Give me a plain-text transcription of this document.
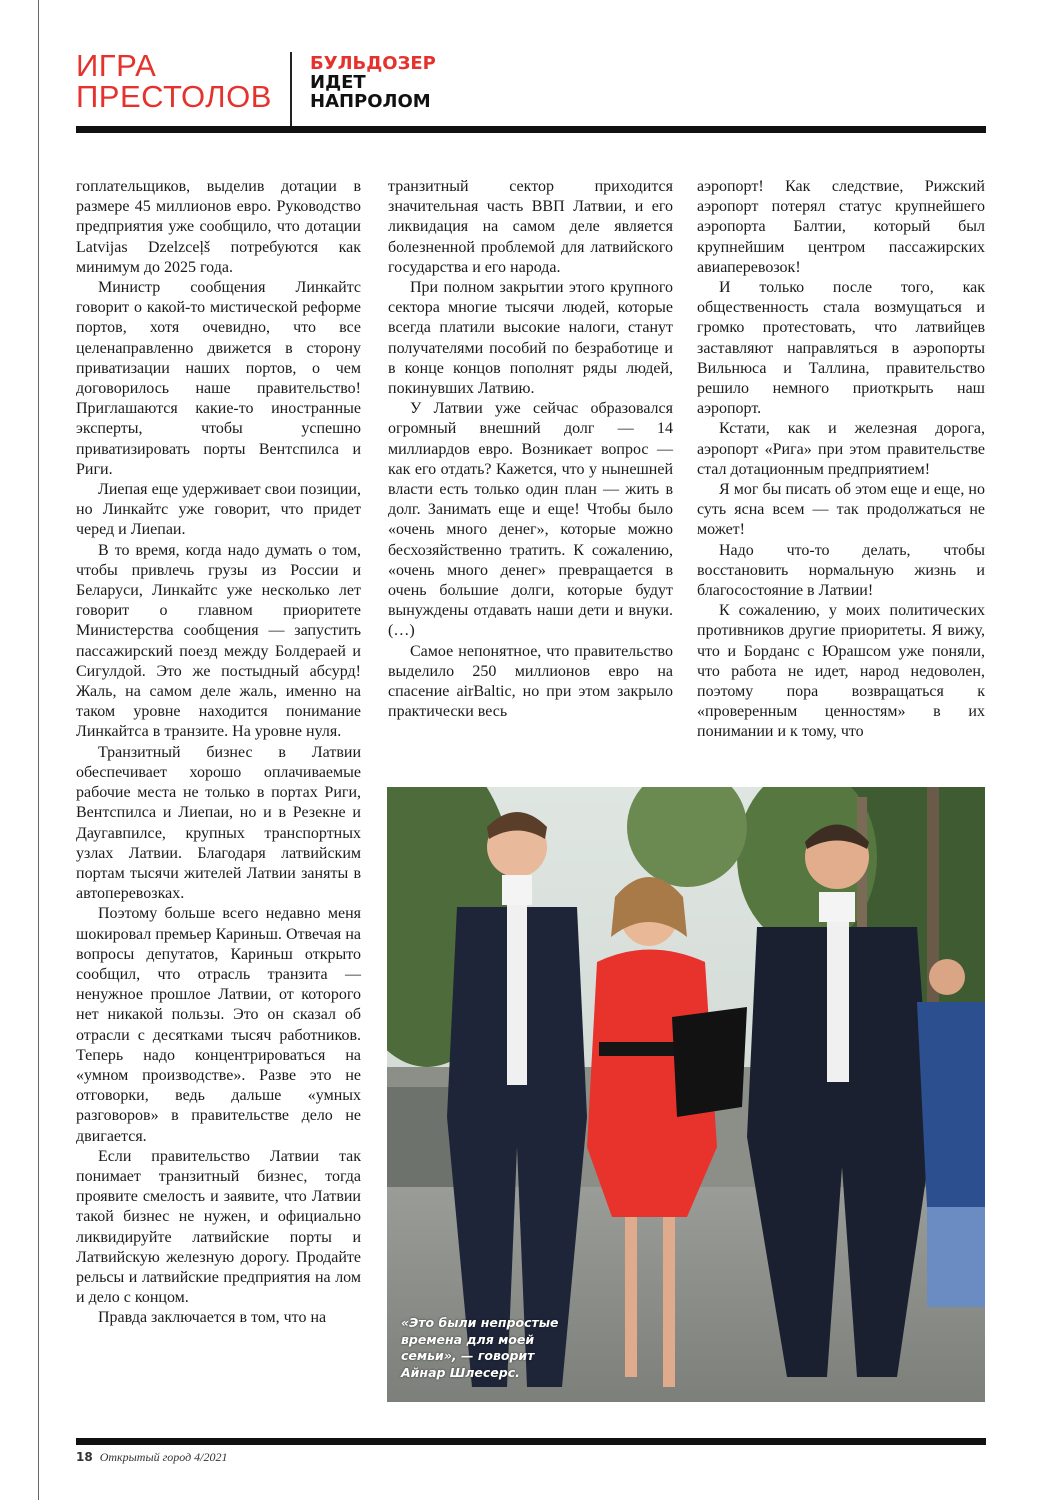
ИГРА
ПРЕСТОЛОВ
БУЛЬДОЗЕР
ИДЕТ
НАПРОЛОМ

гоплательщиков, выделив дотации в размере 45 миллионов евро. Руководство предприятия уже сообщило, что дотации Latvijas Dzelzceļš потребуются как минимум до 2025 года.

Министр сообщения Линкайтс говорит о какой-то мистической реформе портов, хотя очевидно, что все целенаправленно движется в сторону приватизации наших портов, о чем договорилось наше правительство! Приглашаются какие-то иностранные эксперты, чтобы успешно приватизировать порты Вентспилса и Риги.

Лиепая еще удерживает свои позиции, но Линкайтс уже говорит, что придет черед и Лиепаи.

В то время, когда надо думать о том, чтобы привлечь грузы из России и Беларуси, Линкайтс уже несколько лет говорит о главном приоритете Министерства сообщения — запустить пассажирский поезд между Болдераей и Сигулдой. Это же постыдный абсурд! Жаль, на самом деле жаль, именно на таком уровне находится понимание Линкайтса в транзите. На уровне нуля.

Транзитный бизнес в Латвии обеспечивает хорошо оплачиваемые рабочие места не только в портах Риги, Вентспилса и Лиепаи, но и в Резекне и Даугавпилсе, крупных транспортных узлах Латвии. Благодаря латвийским портам тысячи жителей Латвии заняты в автоперевозках.

Поэтому больше всего недавно меня шокировал премьер Кариньш. Отвечая на вопросы депутатов, Кариньш открыто сообщил, что отрасль транзита — ненужное прошлое Латвии, от которого нет никакой пользы. Это он сказал об отрасли с десятками тысяч работников. Теперь надо концентрироваться на «умном производстве». Разве это не отговорки, ведь дальше «умных разговоров» в правительстве дело не двигается.

Если правительство Латвии так понимает транзитный бизнес, тогда проявите смелость и заявите, что Латвии такой бизнес не нужен, и официально ликвидируйте латвийские порты и Латвийскую железную дорогу. Продайте рельсы и латвийские предприятия на лом и дело с концом.

Правда заключается в том, что на

транзитный сектор приходится значительная часть ВВП Латвии, и его ликвидация на самом деле является болезненной проблемой для латвийского государства и его народа.

При полном закрытии этого крупного сектора многие тысячи людей, которые всегда платили высокие налоги, станут получателями пособий по безработице и в конце концов пополнят ряды людей, покинувших Латвию.

У Латвии уже сейчас образовался огромный внешний долг — 14 миллиардов евро. Возникает вопрос — как его отдать? Кажется, что у нынешней власти есть только один план — жить в долг. Занимать еще и еще! Чтобы было «очень много денег», которые можно бесхозяйственно тратить. К сожалению, «очень много денег» превращается в очень большие долги, которые будут вынуждены отдавать наши дети и внуки. (…)

Самое непонятное, что правительство выделило 250 миллионов евро на спасение airBaltic, но при этом закрыло практически весь

аэропорт! Как следствие, Рижский аэропорт потерял статус крупнейшего аэропорта Балтии, который был крупнейшим центром пассажирских авиаперевозок!

И только после того, как общественность стала возмущаться и громко протестовать, что латвийцев заставляют направляться в аэропорты Вильнюса и Таллина, правительство решило немного приоткрыть наш аэропорт.

Кстати, как и железная дорога, аэропорт «Рига» при этом правительстве стал дотационным предприятием!

Я мог бы писать об этом еще и еще, но суть ясна всем — так продолжаться не может!

Надо что-то делать, чтобы восстановить нормальную жизнь и благосостояние в Латвии!

К сожалению, у моих политических противников другие приоритеты. Я вижу, что и Борданс с Юрашсом уже поняли, что работа не идет, народ недоволен, поэтому пора возвращаться к «проверенным ценностям» в их понимании и к тому, что

«Это были непростые
времена для моей
семьи», — говорит
Айнар Шлесерс.
18 Открытый город 4/2021
